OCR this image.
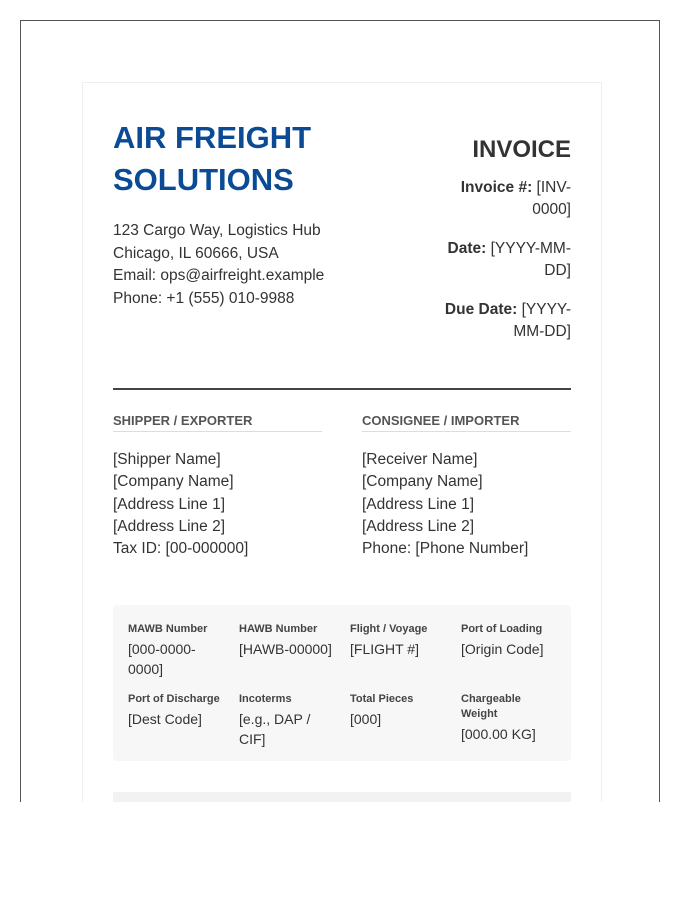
AIR FREIGHT SOLUTIONS
123 Cargo Way, Logistics Hub
Chicago, IL 60666, USA
Email: ops@airfreight.example
Phone: +1 (555) 010-9988
INVOICE
Invoice #: [INV-0000]
Date: [YYYY-MM-DD]
Due Date: [YYYY-MM-DD]
SHIPPER / EXPORTER
[Shipper Name]
[Company Name]
[Address Line 1]
[Address Line 2]
Tax ID: [00-000000]
CONSIGNEE / IMPORTER
[Receiver Name]
[Company Name]
[Address Line 1]
[Address Line 2]
Phone: [Phone Number]
MAWB Number
[000-0000-0000]
HAWB Number
[HAWB-00000]
Flight / Voyage
[FLIGHT #]
Port of Loading
[Origin Code]
Port of Discharge
[Dest Code]
Incoterms
[e.g., DAP / CIF]
Total Pieces
[000]
Chargeable Weight
[000.00 KG]
